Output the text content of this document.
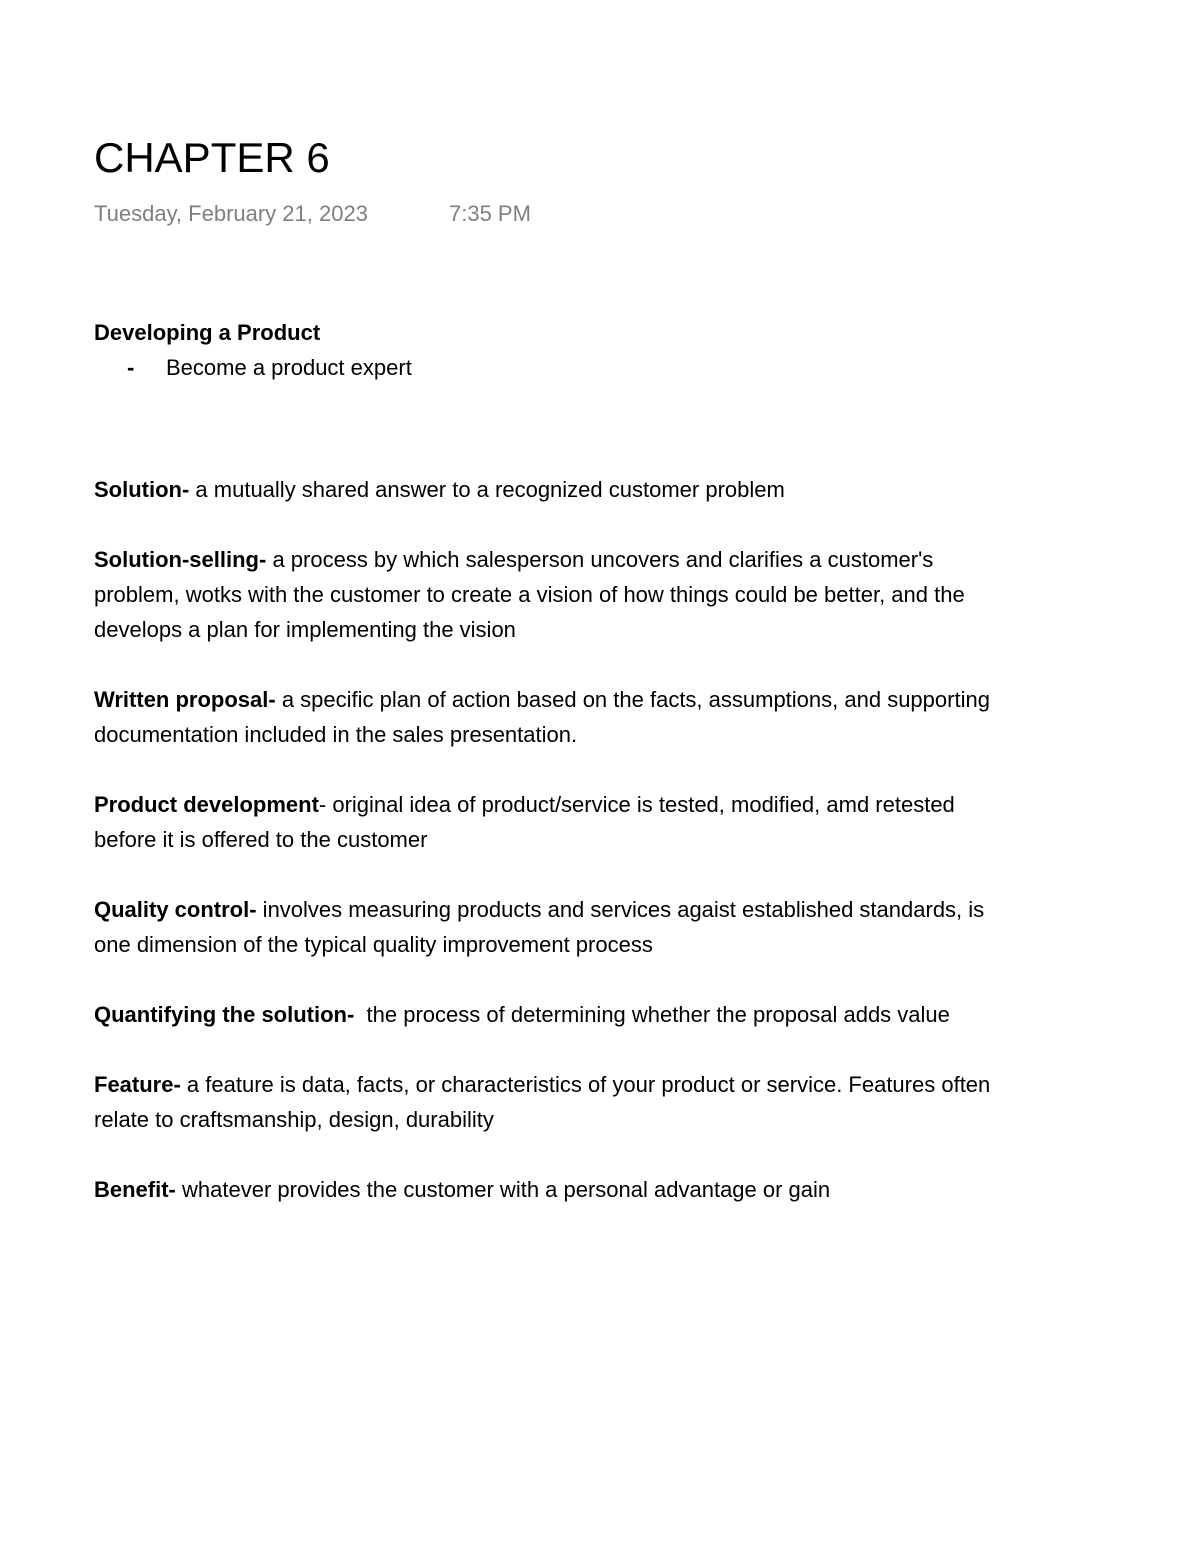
CHAPTER 6
Tuesday, February 21, 2023	7:35 PM

Developing a Product

- Become a product expert

Solution- a mutually shared answer to a recognized customer problem

Solution-selling- a process by which salesperson uncovers and clarifies a customer's problem, wotks with the customer to create a vision of how things could be better, and the develops a plan for implementing the vision

Written proposal- a specific plan of action based on the facts, assumptions, and supporting documentation included in the sales presentation.

Product development- original idea of product/service is tested, modified, amd retested before it is offered to the customer

Quality control- involves measuring products and services agaist established standards, is one dimension of the typical quality improvement process

Quantifying the solution-  the process of determining whether the proposal adds value

Feature- a feature is data, facts, or characteristics of your product or service. Features often relate to craftsmanship, design, durability

Benefit- whatever provides the customer with a personal advantage or gain
